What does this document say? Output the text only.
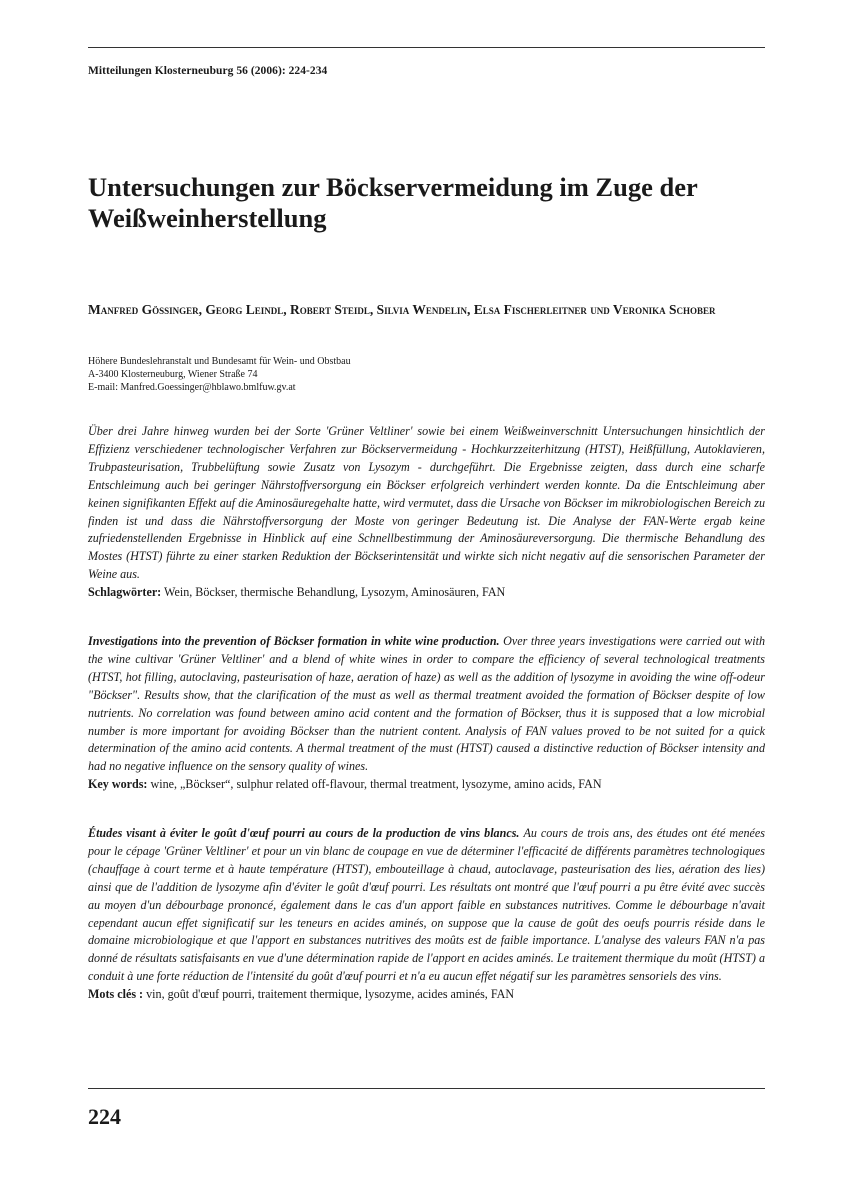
Mitteilungen Klosterneuburg 56 (2006): 224-234
Untersuchungen zur Böckservermeidung im Zuge der Weißweinherstellung
Manfred Gössinger, Georg Leindl, Robert Steidl, Silvia Wendelin, Elsa Fischerleitner und Veronika Schober
Höhere Bundeslehranstalt und Bundesamt für Wein- und Obstbau
A-3400 Klosterneuburg, Wiener Straße 74
E-mail: Manfred.Goessinger@hblawo.bmlfuw.gv.at
Über drei Jahre hinweg wurden bei der Sorte 'Grüner Veltliner' sowie bei einem Weißweinverschnitt Untersuchungen hinsichtlich der Effizienz verschiedener technologischer Verfahren zur Böckservermeidung - Hochkurzzeiterhitzung (HTST), Heißfüllung, Autoklavieren, Trubpasteurisation, Trubbelüftung sowie Zusatz von Lysozym - durchgeführt. Die Ergebnisse zeigten, dass durch eine scharfe Entschleimung auch bei geringer Nährstoffversorgung ein Böckser erfolgreich verhindert werden konnte. Da die Entschleimung aber keinen signifikanten Effekt auf die Aminosäuregehalte hatte, wird vermutet, dass die Ursache von Böckser im mikrobiologischen Bereich zu finden ist und dass die Nährstoffversorgung der Moste von geringer Bedeutung ist. Die Analyse der FAN-Werte ergab keine zufriedenstellenden Ergebnisse in Hinblick auf eine Schnellbestimmung der Aminosäureversorgung. Die thermische Behandlung des Mostes (HTST) führte zu einer starken Reduktion der Böckserintensität und wirkte sich nicht negativ auf die sensorischen Parameter der Weine aus.
Schlagwörter: Wein, Böckser, thermische Behandlung, Lysozym, Aminosäuren, FAN
Investigations into the prevention of Böckser formation in white wine production. Over three years investigations were carried out with the wine cultivar 'Grüner Veltliner' and a blend of white wines in order to compare the efficiency of several technological treatments (HTST, hot filling, autoclaving, pasteurisation of haze, aeration of haze) as well as the addition of lysozyme in avoiding the wine off-odeur "Böckser". Results show, that the clarification of the must as well as thermal treatment avoided the formation of Böckser despite of low nutrients. No correlation was found between amino acid content and the formation of Böckser, thus it is supposed that a low microbial number is more important for avoiding Böckser than the nutrient content. Analysis of FAN values proved to be not suited for a quick determination of the amino acid contents. A thermal treatment of the must (HTST) caused a distinctive reduction of Böckser intensity and had no negative influence on the sensory quality of wines.
Key words: wine, „Böckser“, sulphur related off-flavour, thermal treatment, lysozyme, amino acids, FAN
Études visant à éviter le goût d'œuf pourri au cours de la production de vins blancs. Au cours de trois ans, des études ont été menées pour le cépage 'Grüner Veltliner' et pour un vin blanc de coupage en vue de déterminer l'efficacité de différents paramètres technologiques (chauffage à court terme et à haute température (HTST), embouteillage à chaud, autoclavage, pasteurisation des lies, aération des lies) ainsi que de l'addition de lysozyme afin d'éviter le goût d'œuf pourri. Les résultats ont montré que l'œuf pourri a pu être évité avec succès au moyen d'un débourbage prononcé, également dans le cas d'un apport faible en substances nutritives. Comme le débourbage n'avait cependant aucun effet significatif sur les teneurs en acides aminés, on suppose que la cause de goût des oeufs pourris réside dans le domaine microbiologique et que l'apport en substances nutritives des moûts est de faible importance. L'analyse des valeurs FAN n'a pas donné de résultats satisfaisants en vue d'une détermination rapide de l'apport en acides aminés. Le traitement thermique du moût (HTST) a conduit à une forte réduction de l'intensité du goût d'œuf pourri et n'a eu aucun effet négatif sur les paramètres sensoriels des vins.
Mots clés : vin, goût d'œuf pourri, traitement thermique, lysozyme, acides aminés, FAN
224
